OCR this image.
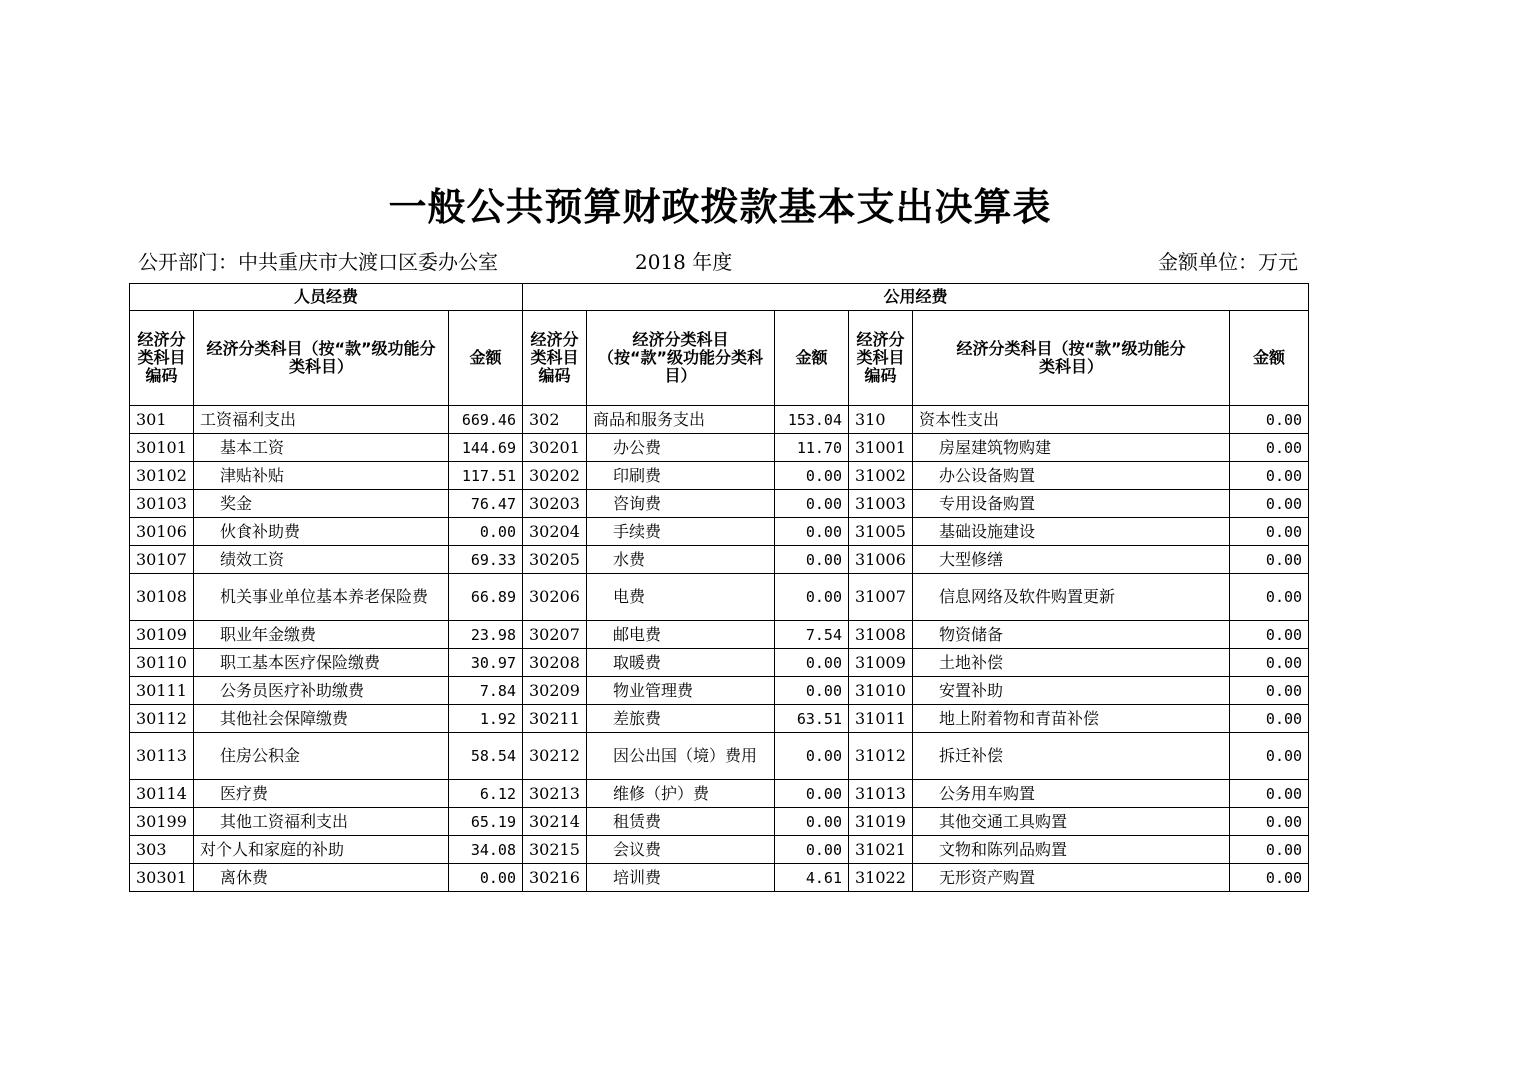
一般公共预算财政拨款基本支出决算表
公开部门：中共重庆市大渡口区委办公室	2018 年度	金额单位：万元
人员经费			公用经费					
经济分类科目编码	经济分类科目（按“款”级功能分类科目）	金额	经济分类科目编码	经济分类科目（按“款”级功能分类科目）	金额	经济分类科目编码	经济分类科目（按“款”级功能分类科目）	金额
301	工资福利支出	669.46	302	商品和服务支出	153.04	310	资本性支出	0.00
30101	基本工资	144.69	30201	办公费	11.70	31001	房屋建筑物购建	0.00
30102	津贴补贴	117.51	30202	印刷费	0.00	31002	办公设备购置	0.00
30103	奖金	76.47	30203	咨询费	0.00	31003	专用设备购置	0.00
30106	伙食补助费	0.00	30204	手续费	0.00	31005	基础设施建设	0.00
30107	绩效工资	69.33	30205	水费	0.00	31006	大型修缮	0.00
30108	机关事业单位基本养老保险费	66.89	30206	电费	0.00	31007	信息网络及软件购置更新	0.00
30109	职业年金缴费	23.98	30207	邮电费	7.54	31008	物资储备	0.00
30110	职工基本医疗保险缴费	30.97	30208	取暖费	0.00	31009	土地补偿	0.00
30111	公务员医疗补助缴费	7.84	30209	物业管理费	0.00	31010	安置补助	0.00
30112	其他社会保障缴费	1.92	30211	差旅费	63.51	31011	地上附着物和青苗补偿	0.00
30113	住房公积金	58.54	30212	因公出国（境）费用	0.00	31012	拆迁补偿	0.00
30114	医疗费	6.12	30213	维修（护）费	0.00	31013	公务用车购置	0.00
30199	其他工资福利支出	65.19	30214	租赁费	0.00	31019	其他交通工具购置	0.00
303	对个人和家庭的补助	34.08	30215	会议费	0.00	31021	文物和陈列品购置	0.00
30301	离休费	0.00	30216	培训费	4.61	31022	无形资产购置	0.00
